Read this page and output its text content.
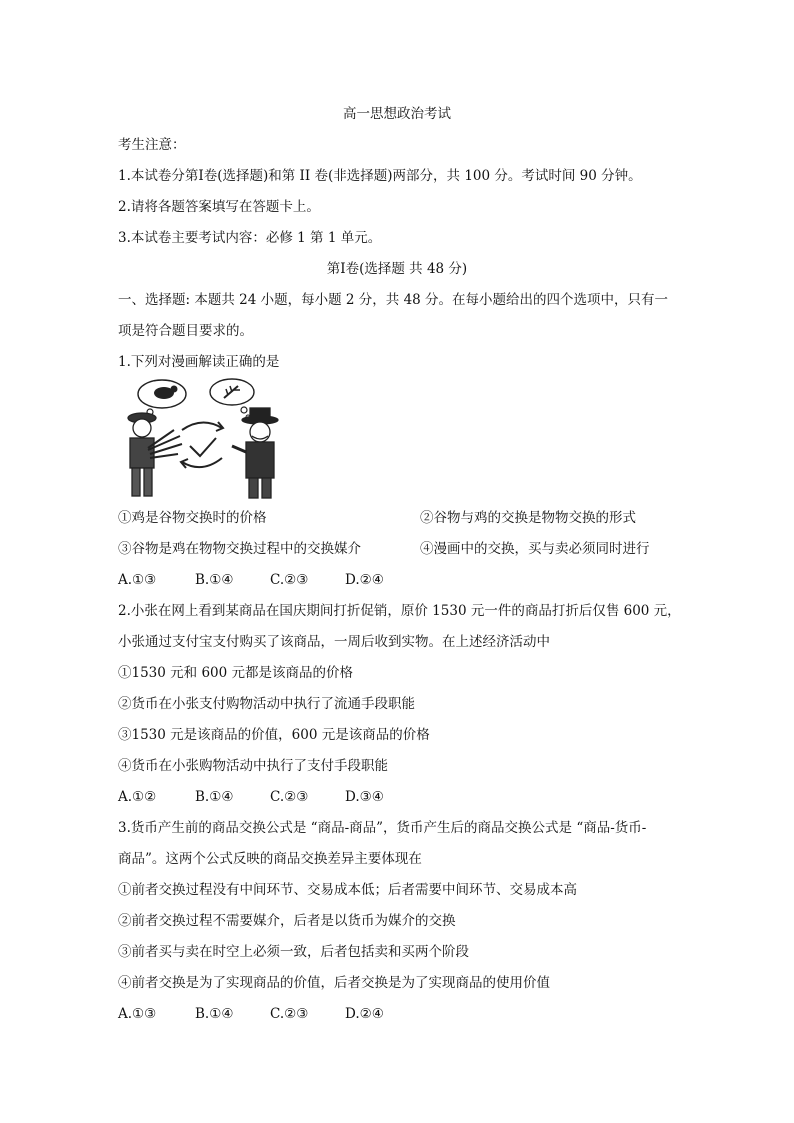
高一思想政治考试
考生注意：
1.本试卷分第Ⅰ卷(选择题)和第 II 卷(非选择题)两部分，共 100 分。考试时间 90 分钟。
2.请将各题答案填写在答题卡上。
3.本试卷主要考试内容：必修 1 第 1 单元。
第Ⅰ卷(选择题 共 48 分)
一、选择题: 本题共 24 小题，每小题 2 分，共 48 分。在每小题给出的四个选项中，只有一
项是符合题目要求的。
1.下列对漫画解读正确的是
①鸡是谷物交换时的价格	②谷物与鸡的交换是物物交换的形式
③谷物是鸡在物物交换过程中的交换媒介	④漫画中的交换，买与卖必须同时进行
A.①③	B.①④	C.②③	D.②④
2.小张在网上看到某商品在国庆期间打折促销，原价 1530 元一件的商品打折后仅售 600 元，
小张通过支付宝支付购买了该商品，一周后收到实物。在上述经济活动中
①1530 元和 600 元都是该商品的价格
②货币在小张支付购物活动中执行了流通手段职能
③1530 元是该商品的价值，600 元是该商品的价格
④货币在小张购物活动中执行了支付手段职能
A.①②	B.①④	C.②③	D.③④
3.货币产生前的商品交换公式是 “商品-商品”，货币产生后的商品交换公式是 “商品-货币-
商品”。这两个公式反映的商品交换差异主要体现在
①前者交换过程没有中间环节、交易成本低；后者需要中间环节、交易成本高
②前者交换过程不需要媒介，后者是以货币为媒介的交换
③前者买与卖在时空上必须一致，后者包括卖和买两个阶段
④前者交换是为了实现商品的价值，后者交换是为了实现商品的使用价值
A.①③	B.①④	C.②③	D.②④
